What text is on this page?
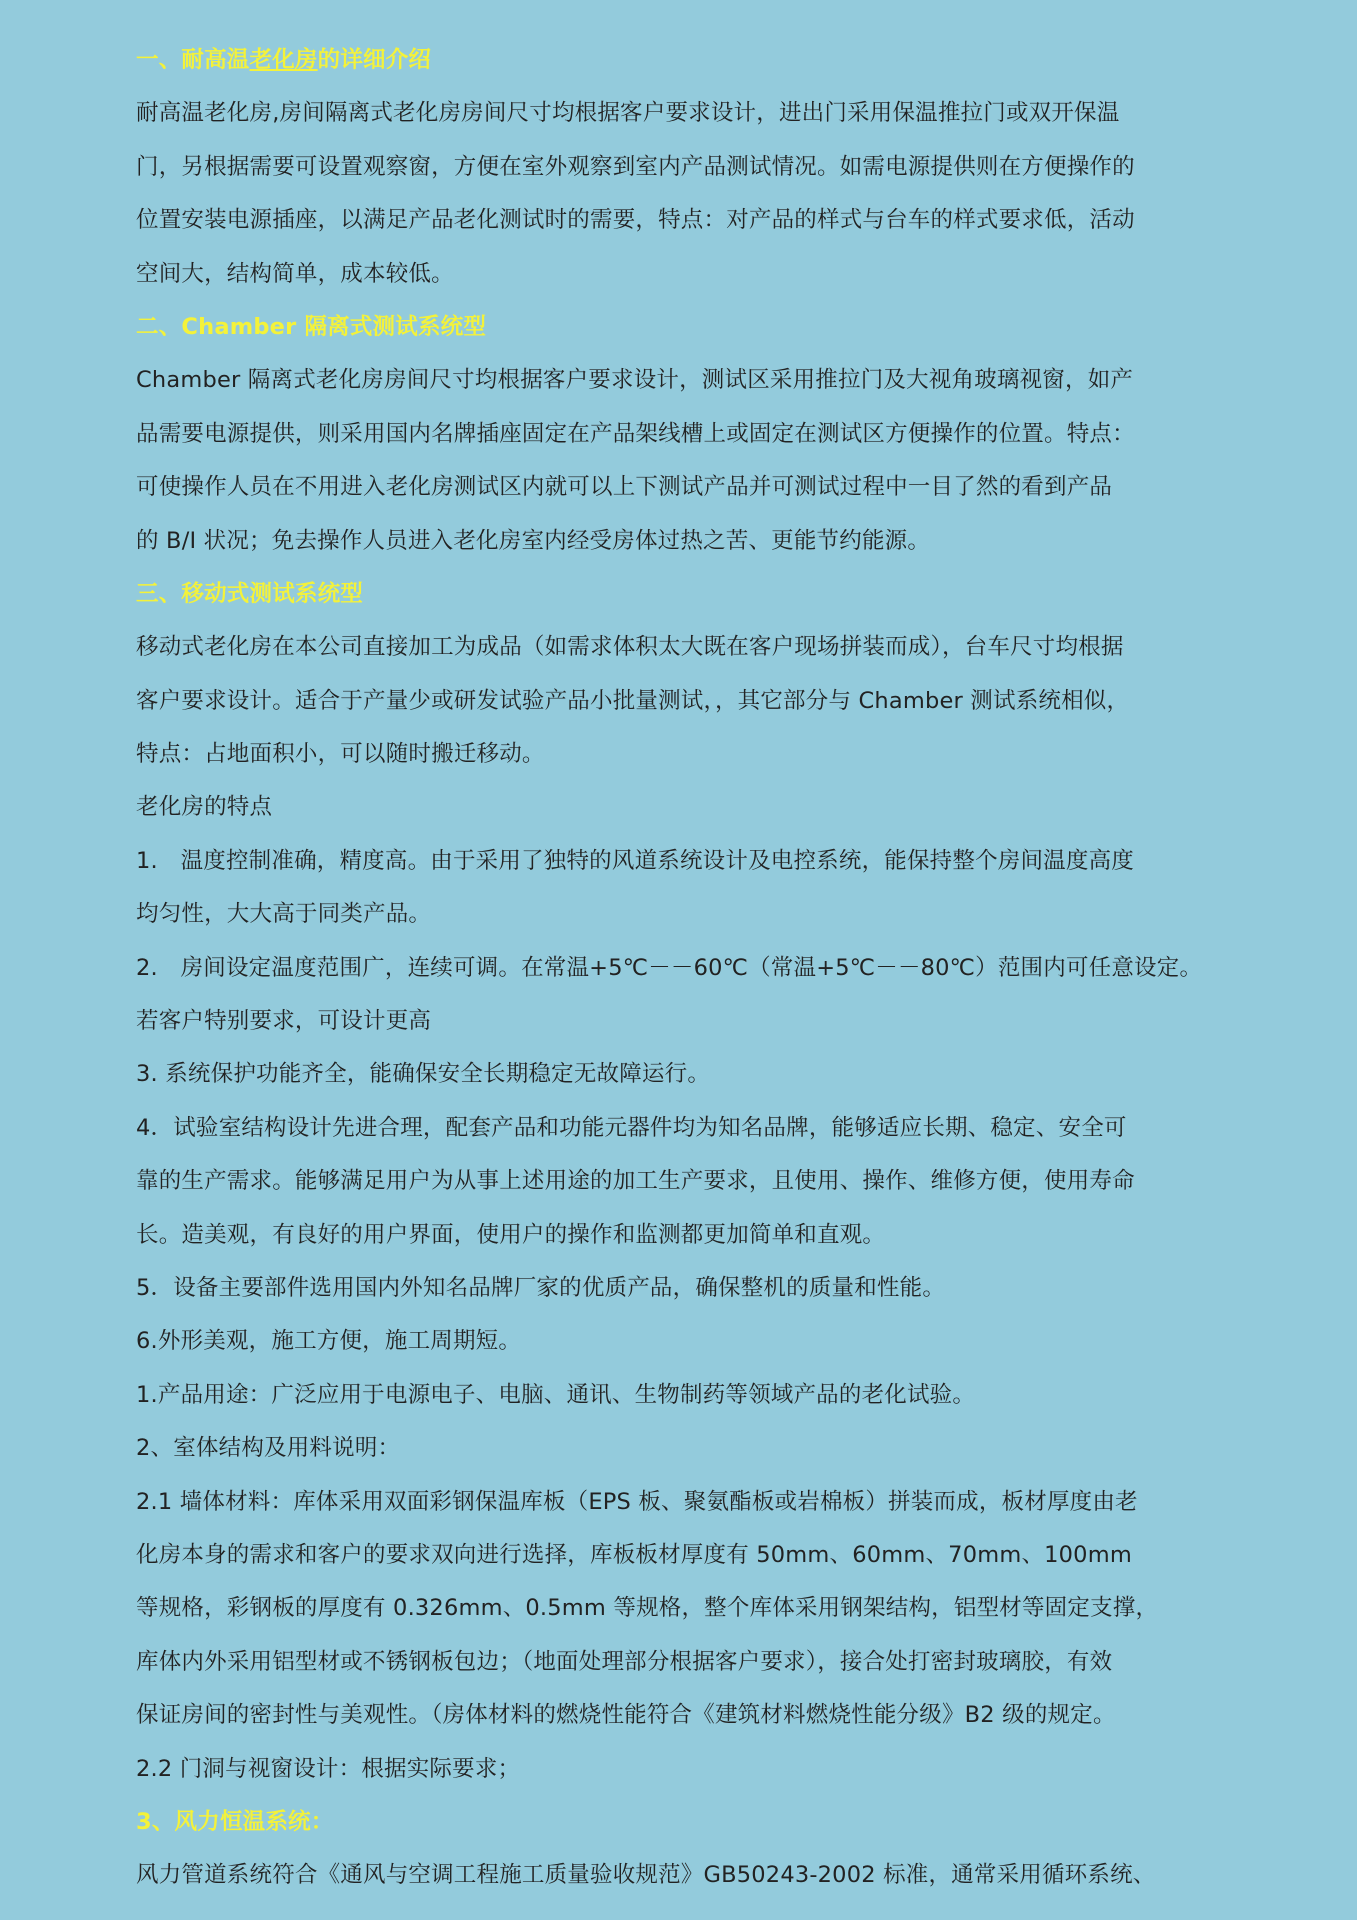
一、耐高温老化房的详细介绍
耐高温老化房,房间隔离式老化房房间尺寸均根据客户要求设计，进出门采用保温推拉门或双开保温
门，另根据需要可设置观察窗，方便在室外观察到室内产品测试情况。如需电源提供则在方便操作的
位置安装电源插座，以满足产品老化测试时的需要，特点：对产品的样式与台车的样式要求低，活动
空间大，结构简单，成本较低。
二、Chamber 隔离式测试系统型
Chamber 隔离式老化房房间尺寸均根据客户要求设计，测试区采用推拉门及大视角玻璃视窗，如产
品需要电源提供，则采用国内名牌插座固定在产品架线槽上或固定在测试区方便操作的位置。特点：
可使操作人员在不用进入老化房测试区内就可以上下测试产品并可测试过程中一目了然的看到产品
的 B/I 状况；免去操作人员进入老化房室内经受房体过热之苦、更能节约能源。
三、移动式测试系统型
移动式老化房在本公司直接加工为成品（如需求体积太大既在客户现场拼装而成），台车尺寸均根据
客户要求设计。适合于产量少或研发试验产品小批量测试，，其它部分与 Chamber 测试系统相似，
特点：占地面积小，可以随时搬迁移动。
老化房的特点
1.　温度控制准确，精度高。由于采用了独特的风道系统设计及电控系统，能保持整个房间温度高度
均匀性，大大高于同类产品。
2.　房间设定温度范围广，连续可调。在常温+5℃－－60℃（常温+5℃－－80℃）范围内可任意设定。
若客户特别要求，可设计更高
3. 系统保护功能齐全，能确保安全长期稳定无故障运行。
4．试验室结构设计先进合理，配套产品和功能元器件均为知名品牌，能够适应长期、稳定、安全可
靠的生产需求。能够满足用户为从事上述用途的加工生产要求，且使用、操作、维修方便，使用寿命
长。造美观，有良好的用户界面，使用户的操作和监测都更加简单和直观。
5．设备主要部件选用国内外知名品牌厂家的优质产品，确保整机的质量和性能。
6.外形美观，施工方便，施工周期短。
1.产品用途：广泛应用于电源电子、电脑、通讯、生物制药等领域产品的老化试验。
2、室体结构及用料说明：
2.1 墙体材料：库体采用双面彩钢保温库板（EPS 板、聚氨酯板或岩棉板）拼装而成，板材厚度由老
化房本身的需求和客户的要求双向进行选择，库板板材厚度有 50mm、60mm、70mm、100mm
等规格，彩钢板的厚度有 0.326mm、0.5mm 等规格，整个库体采用钢架结构，铝型材等固定支撑，
库体内外采用铝型材或不锈钢板包边；（地面处理部分根据客户要求），接合处打密封玻璃胶，有效
保证房间的密封性与美观性。（房体材料的燃烧性能符合《建筑材料燃烧性能分级》B2 级的规定。
2.2 门洞与视窗设计：根据实际要求；
3、风力恒温系统：
风力管道系统符合《通风与空调工程施工质量验收规范》GB50243-2002 标准，通常采用循环系统、
